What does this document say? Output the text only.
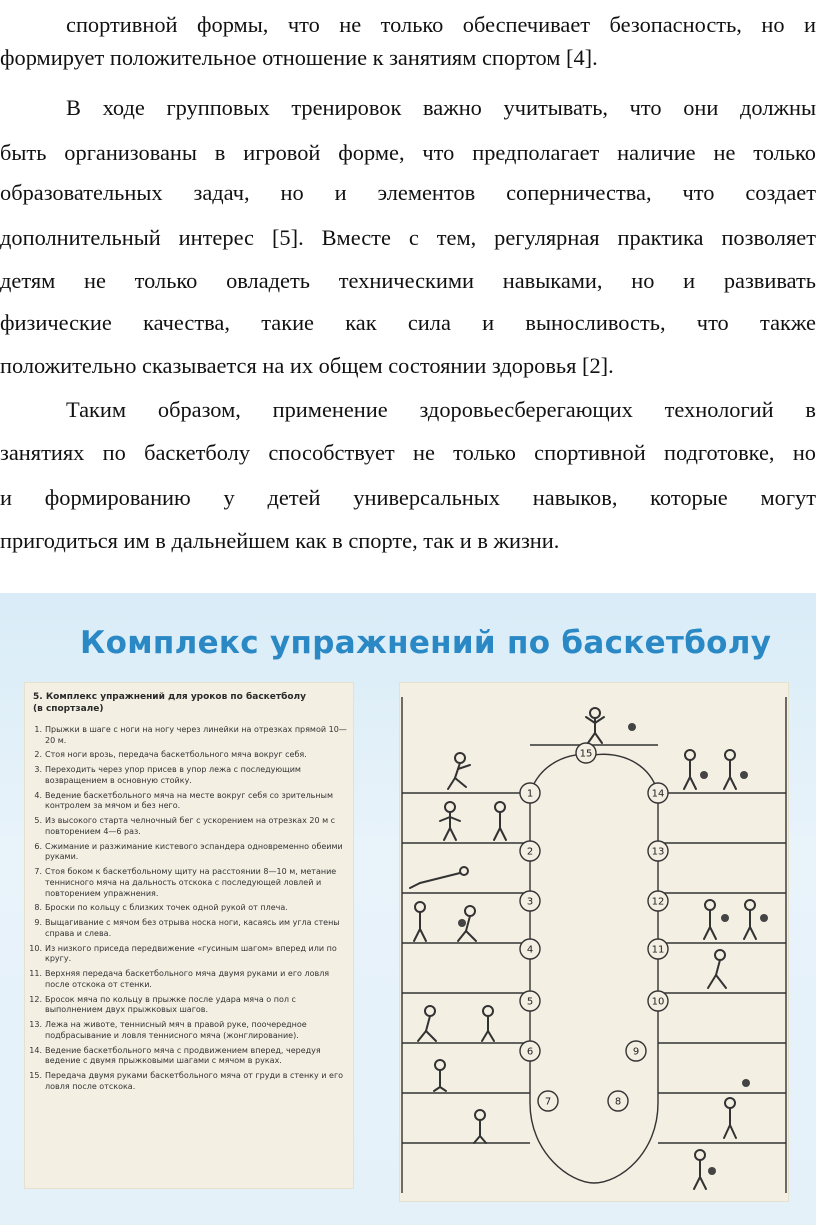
спортивной формы, что не только обеспечивает безопасность, но и
формирует положительное отношение к занятиям спортом [4].
В ходе групповых тренировок важно учитывать, что они должны
быть организованы в игровой форме, что предполагает наличие не только
образовательных задач, но и элементов соперничества, что создает
дополнительный интерес [5]. Вместе с тем, регулярная практика позволяет
детям не только овладеть техническими навыками, но и развивать
физические качества, такие как сила и выносливость, что также
положительно сказывается на их общем состоянии здоровья [2].
Таким образом, применение здоровьесберегающих технологий в
занятиях по баскетболу способствует не только спортивной подготовке, но
и формированию у детей универсальных навыков, которые могут
пригодиться им в дальнейшем как в спорте, так и в жизни.
Комплекс упражнений по баскетболу
5. Комплекс упражнений для уроков по баскетболу
(в спортзале)
1. Прыжки в шаге с ноги на ногу через линейки на отрезках прямой 10—20 м.
2. Стоя ноги врозь, передача баскетбольного мяча вокруг себя.
3. Переходить через упор присев в упор лежа с последующим возвращением в основную стойку.
4. Ведение баскетбольного мяча на месте вокруг себя со зрительным контролем за мячом и без него.
5. Из высокого старта челночный бег с ускорением на отрезках 20 м с повторением 4—6 раз.
6. Сжимание и разжимание кистевого эспандера одновременно обеими руками.
7. Стоя боком к баскетбольному щиту на расстоянии 8—10 м, метание теннисного мяча на дальность отскока с последующей ловлей и повторением упражнения.
8. Броски по кольцу с близких точек одной рукой от плеча.
9. Выщагивание с мячом без отрыва носка ноги, касаясь им угла стены справа и слева.
10. Из низкого приседа передвижение «гусиным шагом» вперед или по кругу.
11. Верхняя передача баскетбольного мяча двумя руками и его ловля после отскока от стенки.
12. Бросок мяча по кольцу в прыжке после удара мяча о пол с выполнением двух прыжковых шагов.
13. Лежа на животе, теннисный мяч в правой руке, поочередное подбрасывание и ловля теннисного мяча (жонглирование).
14. Ведение баскетбольного мяча с продвижением вперед, чередуя ведение с двумя прыжковыми шагами с мячом в руках.
15. Передача двумя руками баскетбольного мяча от груди в стенку и его ловля после отскока.
1
2
3
4
5
6
7	8
9
10
11
12
13
14
15
